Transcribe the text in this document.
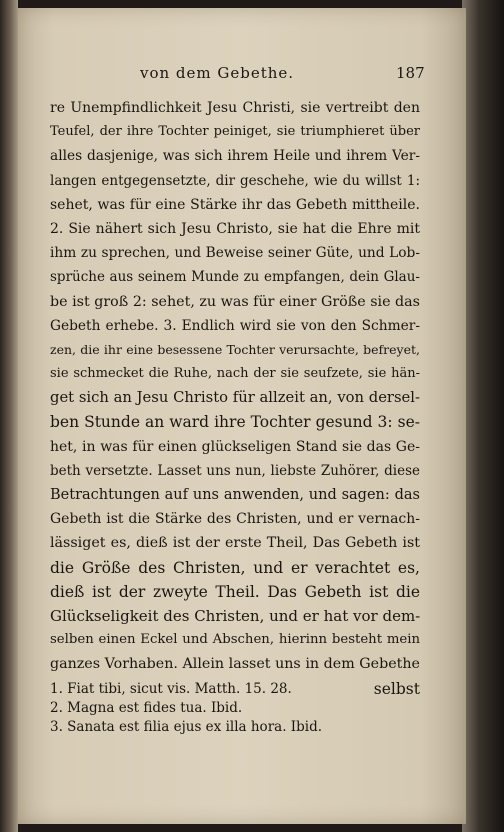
von dem Gebethe.	187
re Unempfindlichkeit Jesu Christi, sie vertreibt den
Teufel, der ihre Tochter peiniget, sie triumphieret über
alles dasjenige, was sich ihrem Heile und ihrem Ver-
langen entgegensetzte, dir geschehe, wie du willst 1:
sehet, was für eine Stärke ihr das Gebeth mittheile.
2. Sie nähert sich Jesu Christo, sie hat die Ehre mit
ihm zu sprechen, und Beweise seiner Güte, und Lob-
sprüche aus seinem Munde zu empfangen, dein Glau-
be ist groß 2: sehet, zu was für einer Größe sie das
Gebeth erhebe. 3. Endlich wird sie von den Schmer-
zen, die ihr eine besessene Tochter verursachte, befreyet,
sie schmecket die Ruhe, nach der sie seufzete, sie hän-
get sich an Jesu Christo für allzeit an, von dersel-
ben Stunde an ward ihre Tochter gesund 3: se-
het, in was für einen glückseligen Stand sie das Ge-
beth versetzte. Lasset uns nun, liebste Zuhörer, diese
Betrachtungen auf uns anwenden, und sagen: das
Gebeth ist die Stärke des Christen, und er vernach-
lässiget es, dieß ist der erste Theil, Das Gebeth ist
die Größe des Christen, und er verachtet es,
dieß ist der zweyte Theil. Das Gebeth ist die
Glückseligkeit des Christen, und er hat vor dem-
selben einen Eckel und Abschen, hierinn besteht mein
ganzes Vorhaben. Allein lasset uns in dem Gebethe
selbst
1. Fiat tibi, sicut vis. Matth. 15. 28.
2. Magna est fides tua. Ibid.
3. Sanata est filia ejus ex illa hora. Ibid.
